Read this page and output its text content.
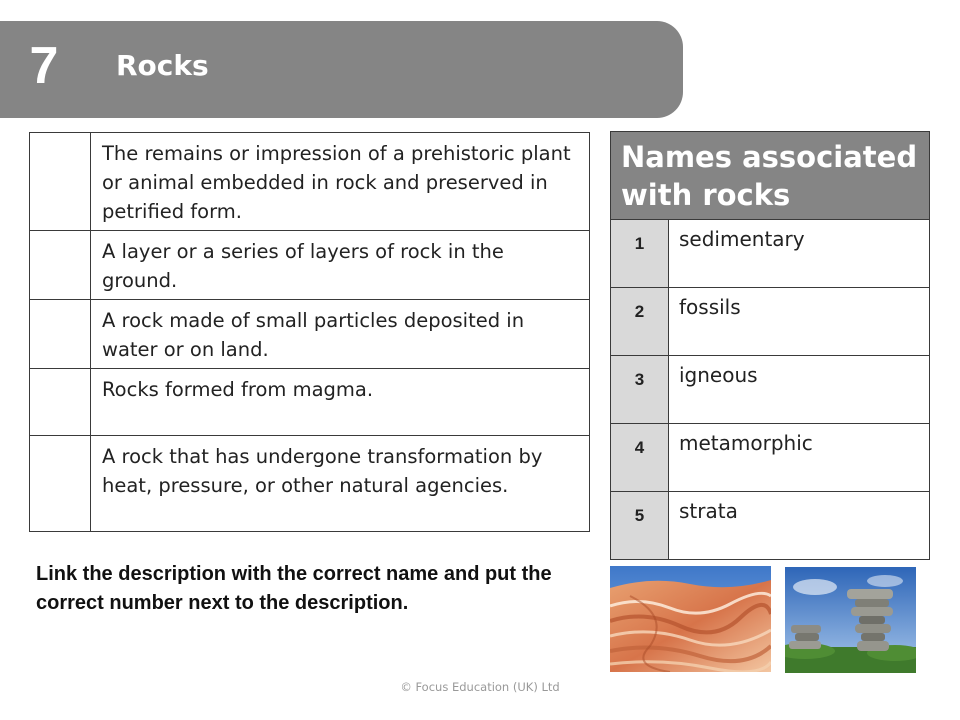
7 Rocks
	The remains or impression of a prehistoric plant or animal embedded in rock and preserved in petrified form.
	A layer or a series of layers of rock in the ground.
	A rock made of small particles deposited in water or on land.
	Rocks formed from magma.
	A rock that has undergone transformation by heat, pressure, or other natural agencies.
Names associated with rocks
1	sedimentary
2	fossils
3	igneous
4	metamorphic
5	strata
Link the description with the correct name and put the correct number next to the description.
© Focus Education (UK) Ltd
